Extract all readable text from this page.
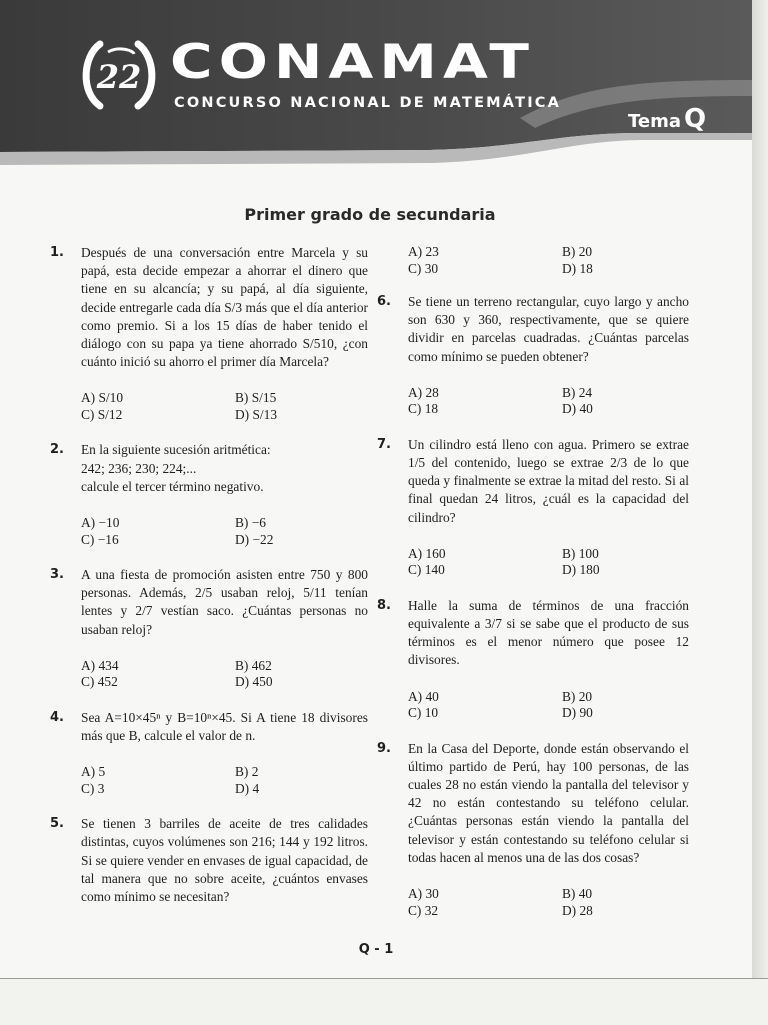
22 CONAMAT
CONCURSO NACIONAL DE MATEMÁTICA
Tema Q
Primer grado de secundaria
1. Después de una conversación entre Marcela y su papá, esta decide empezar a ahorrar el dinero que tiene en su alcancía; y su papá, al día siguiente, decide entregarle cada día S/3 más que el día anterior como premio. Si a los 15 días de haber tenido el diálogo con su papa ya tiene ahorrado S/510, ¿con cuánto inició su ahorro el primer día Marcela?
A) S/10	B) S/15
C) S/12	D) S/13
2. En la siguiente sucesión aritmética:
242; 236; 230; 224;...
calcule el tercer término negativo.
A) −10	B) −6
C) −16	D) −22
3. A una fiesta de promoción asisten entre 750 y 800 personas. Además, 2/5 usaban reloj, 5/11 tenían lentes y 2/7 vestían saco. ¿Cuántas personas no usaban reloj?
A) 434	B) 462
C) 452	D) 450
4. Sea A=10×45ⁿ y B=10ⁿ×45. Si A tiene 18 divisores más que B, calcule el valor de n.
A) 5	B) 2
C) 3	D) 4
5. Se tienen 3 barriles de aceite de tres calidades distintas, cuyos volúmenes son 216; 144 y 192 litros. Si se quiere vender en envases de igual capacidad, de tal manera que no sobre aceite, ¿cuántos envases como mínimo se necesitan?
A) 23	B) 20
C) 30	D) 18
6. Se tiene un terreno rectangular, cuyo largo y ancho son 630 y 360, respectivamente, que se quiere dividir en parcelas cuadradas. ¿Cuántas parcelas como mínimo se pueden obtener?
A) 28	B) 24
C) 18	D) 40
7. Un cilindro está lleno con agua. Primero se extrae 1/5 del contenido, luego se extrae 2/3 de lo que queda y finalmente se extrae la mitad del resto. Si al final quedan 24 litros, ¿cuál es la capacidad del cilindro?
A) 160	B) 100
C) 140	D) 180
8. Halle la suma de términos de una fracción equivalente a 3/7 si se sabe que el producto de sus términos es el menor número que posee 12 divisores.
A) 40	B) 20
C) 10	D) 90
9. En la Casa del Deporte, donde están observando el último partido de Perú, hay 100 personas, de las cuales 28 no están viendo la pantalla del televisor y 42 no están contestando su teléfono celular. ¿Cuántas personas están viendo la pantalla del televisor y están contestando su teléfono celular si todas hacen al menos una de las dos cosas?
A) 30	B) 40
C) 32	D) 28
Q - 1
